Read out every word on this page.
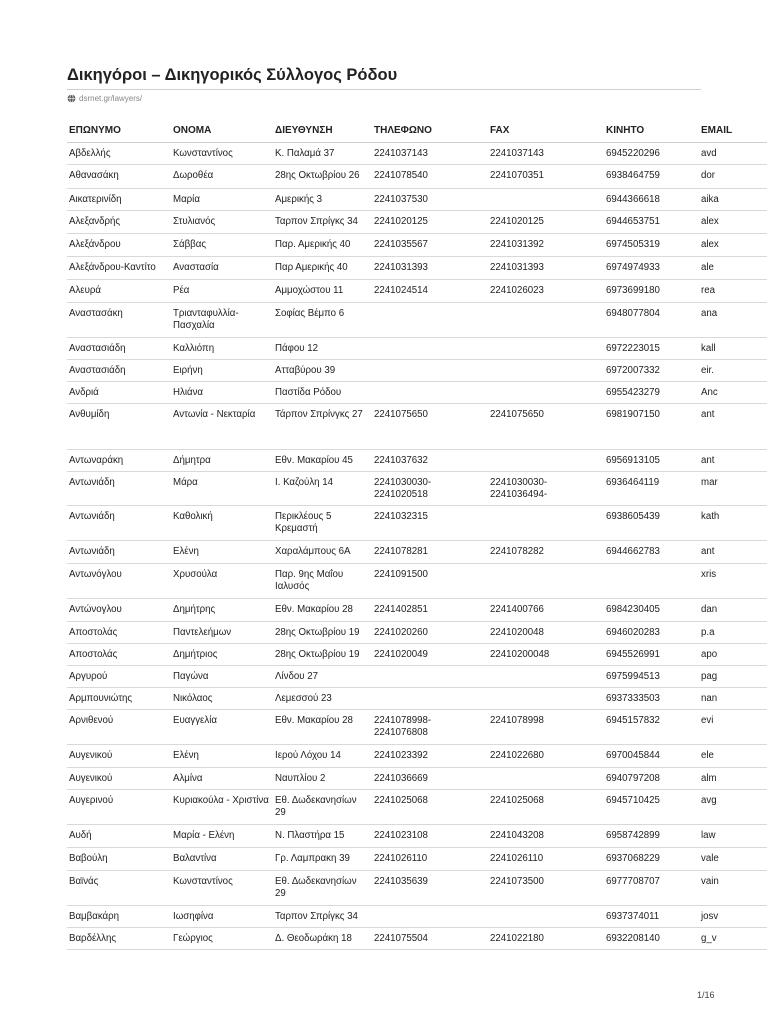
Δικηγόροι – Δικηγορικός Σύλλογος Ρόδου
dsrnet.gr/lawyers/
ΕΠΩΝΥΜΟ	ΟΝΟΜΑ	ΔΙΕΥΘΥΝΣΗ	ΤΗΛΕΦΩΝΟ	FAX	ΚΙΝΗΤΟ	EMAIL
Αβδελλής	Κωνσταντίνος	Κ. Παλαμά 37	2241037143	2241037143	6945220296	avd
Αθανασάκη	Δωροθέα	28ης Οκτωβρίου 26	2241078540	2241070351	6938464759	dor
Αικατερινίδη	Μαρία	Αμερικής 3	2241037530		6944366618	aika
Αλεξανδρής	Στυλιανός	Ταρπον Σπρίγκς 34	2241020125	2241020125	6944653751	alex
Αλεξάνδρου	Σάββας	Παρ. Αμερικής 40	2241035567	2241031392	6974505319	alex
Αλεξάνδρου-Καντίτο	Αναστασία	Παρ Αμερικής 40	2241031393	2241031393	6974974933	ale
Αλευρά	Ρέα	Αμμοχώστου 11	2241024514	2241026023	6973699180	rea
Αναστασάκη	Τριανταφυλλία-Πασχαλία	Σοφίας Βέμπο 6			6948077804	ana
Αναστασιάδη	Καλλιόπη	Πάφου 12			6972223015	kall
Αναστασιάδη	Ειρήνη	Ατταβύρου 39			6972007332	eir.
Ανδριά	Ηλιάνα	Παστίδα Ρόδου			6955423279	Anc
Ανθυμίδη	Αντωνία - Νεκταρία	Τάρπον Σπρίνγκς 27	2241075650	2241075650	6981907150	ant
Αντωναράκη	Δήμητρα	Εθν. Μακαρίου 45	2241037632		6956913105	ant
Αντωνιάδη	Μάρα	Ι. Καζούλη 14	2241030030-2241020518	2241030030-2241036494-	6936464119	mar
Αντωνιάδη	Καθολική	Περικλέους 5 Κρεμαστή	2241032315		6938605439	kath
Αντωνιάδη	Ελένη	Χαραλάμπους 6Α	2241078281	2241078282	6944662783	ant
Αντωνόγλου	Χρυσούλα	Παρ. 9ης Μαΐου Ιαλυσός	2241091500			xris
Αντώνογλου	Δημήτρης	Εθν. Μακαρίου 28	2241402851	2241400766	6984230405	dan
Αποστολάς	Παντελεήμων	28ης Οκτωβρίου 19	2241020260	2241020048	6946020283	p.a
Αποστολάς	Δημήτριος	28ης Οκτωβρίου 19	2241020049	22410200048	6945526991	apo
Αργυρού	Παγώνα	Λίνδου 27			6975994513	pag
Αρμπουνιώτης	Νικόλαος	Λεμεσσού 23			6937333503	nan
Αρνιθενού	Ευαγγελία	Εθν. Μακαρίου 28	2241078998-2241076808	2241078998	6945157832	evi
Αυγενικού	Ελένη	Ιερού Λόχου 14	2241023392	2241022680	6970045844	ele
Αυγενικού	Αλμίνα	Ναυπλίου 2	2241036669		6940797208	alm
Αυγερινού	Κυριακούλα - Χριστίνα	Εθ. Δωδεκανησίων 29	2241025068	2241025068	6945710425	avg
Αυδή	Μαρία - Ελένη	Ν. Πλαστήρα 15	2241023108	2241043208	6958742899	law
Βαβούλη	Βαλαντίνα	Γρ. Λαμπρακη 39	2241026110	2241026110	6937068229	vale
Βαϊνάς	Κωνσταντίνος	Εθ. Δωδεκανησίων 29	2241035639	2241073500	6977708707	vain
Βαμβακάρη	Ιωσηφίνα	Ταρπον Σπρίγκς 34			6937374011	josv
Βαρδέλλης	Γεώργιος	Δ. Θεοδωράκη 18	2241075504	2241022180	6932208140	g_v
1/16
